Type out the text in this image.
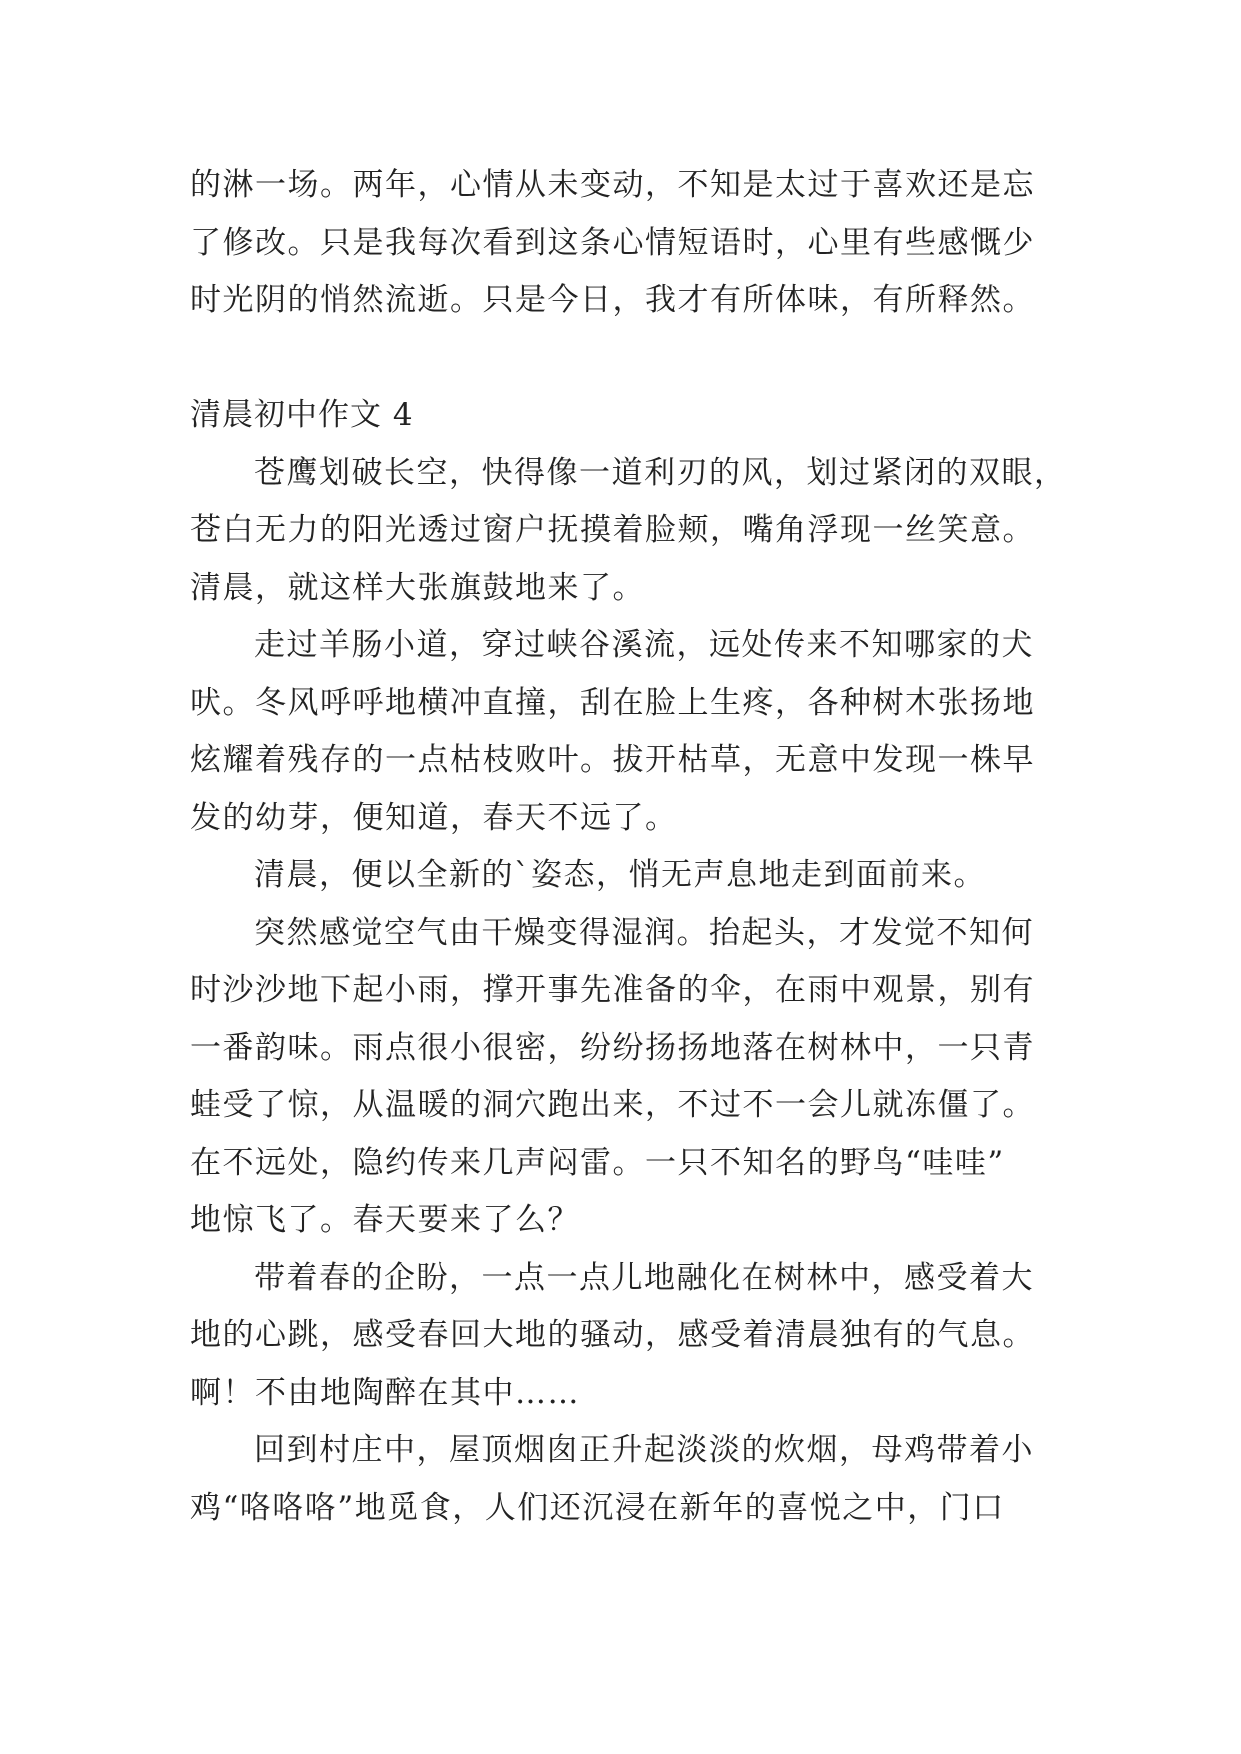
的淋一场。两年，心情从未变动，不知是太过于喜欢还是忘
了修改。只是我每次看到这条心情短语时，心里有些感慨少
时光阴的悄然流逝。只是今日，我才有所体味，有所释然。
清晨初中作文 4
苍鹰划破长空，快得像一道利刃的风，划过紧闭的双眼，
苍白无力的阳光透过窗户抚摸着脸颊，嘴角浮现一丝笑意。
清晨，就这样大张旗鼓地来了。
走过羊肠小道，穿过峡谷溪流，远处传来不知哪家的犬
吠。冬风呼呼地横冲直撞，刮在脸上生疼，各种树木张扬地
炫耀着残存的一点枯枝败叶。拔开枯草，无意中发现一株早
发的幼芽，便知道，春天不远了。
清晨，便以全新的`姿态，悄无声息地走到面前来。
突然感觉空气由干燥变得湿润。抬起头，才发觉不知何
时沙沙地下起小雨，撑开事先准备的伞，在雨中观景，别有
一番韵味。雨点很小很密，纷纷扬扬地落在树林中，一只青
蛙受了惊，从温暖的洞穴跑出来，不过不一会儿就冻僵了。
在不远处，隐约传来几声闷雷。一只不知名的野鸟“哇哇”
地惊飞了。春天要来了么？
带着春的企盼，一点一点儿地融化在树林中，感受着大
地的心跳，感受春回大地的骚动，感受着清晨独有的气息。
啊！不由地陶醉在其中……
回到村庄中，屋顶烟囱正升起淡淡的炊烟，母鸡带着小
鸡“咯咯咯”地觅食，人们还沉浸在新年的喜悦之中，门口
